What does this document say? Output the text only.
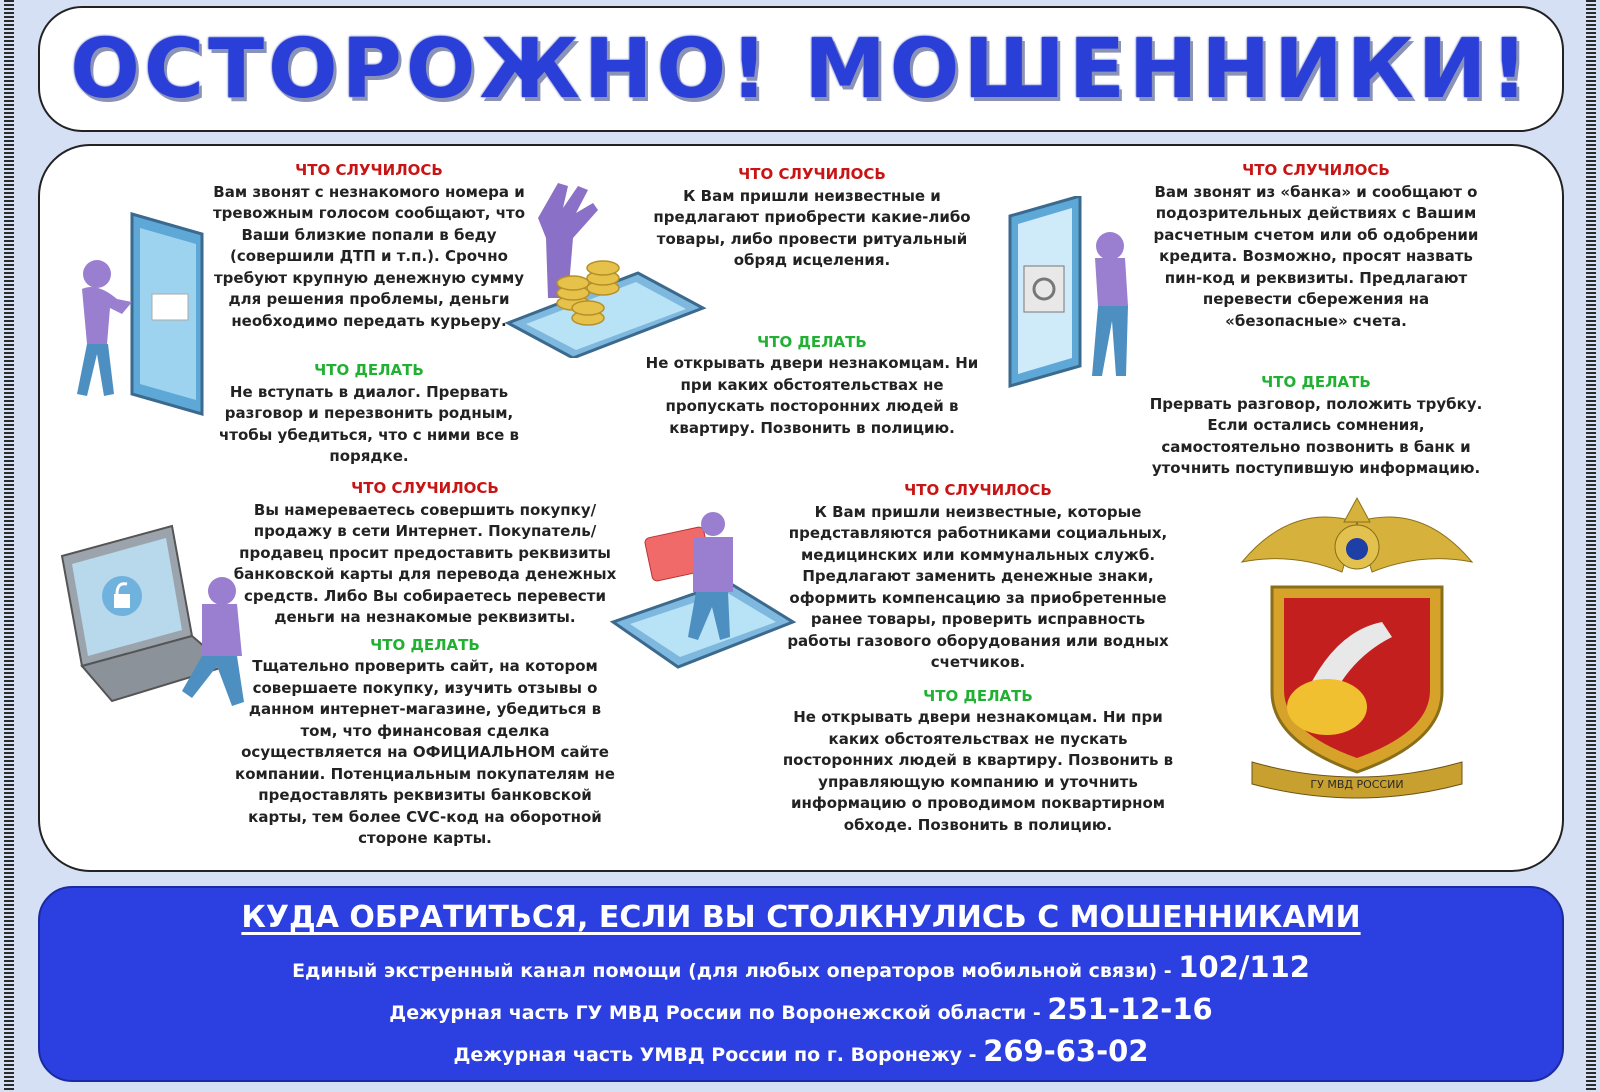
ОСТОРОЖНО! МОШЕННИКИ!
ГУ МВД РОССИИ
ЧТО СЛУЧИЛОСЬ
Вам звонят с незнакомого номера и тревожным голосом сообщают, что Ваши близкие попали в беду (совершили ДТП и т.п.). Срочно требуют крупную денежную сумму для решения проблемы, деньги необходимо передать курьеру.
ЧТО ДЕЛАТЬ
Не вступать в диалог. Прервать разговор и перезвонить родным, чтобы убедиться, что с ними все в порядке.
ЧТО СЛУЧИЛОСЬ
К Вам пришли неизвестные и предлагают приобрести какие-либо товары, либо провести ритуальный обряд исцеления.
ЧТО ДЕЛАТЬ
Не открывать двери незнакомцам. Ни при каких обстоятельствах не пропускать посторонних людей в квартиру. Позвонить в полицию.
ЧТО СЛУЧИЛОСЬ
Вам звонят из «банка» и сообщают о подозрительных действиях с Вашим расчетным счетом или об одобрении кредита. Возможно, просят назвать пин-код и реквизиты. Предлагают перевести сбережения на «безопасные» счета.
ЧТО ДЕЛАТЬ
Прервать разговор, положить трубку. Если остались сомнения, самостоятельно позвонить в банк и уточнить поступившую информацию.
ЧТО СЛУЧИЛОСЬ
Вы намереваетесь совершить покупку/продажу в сети Интернет. Покупатель/продавец просит предоставить реквизиты банковской карты для перевода денежных средств. Либо Вы собираетесь перевести деньги на незнакомые реквизиты.
ЧТО ДЕЛАТЬ
Тщательно проверить сайт, на котором совершаете покупку, изучить отзывы о данном интернет-магазине, убедиться в том, что финансовая сделка осуществляется на ОФИЦИАЛЬНОМ сайте компании. Потенциальным покупателям не предоставлять реквизиты банковской карты, тем более CVC-код на оборотной стороне карты.
ЧТО СЛУЧИЛОСЬ
К Вам пришли неизвестные, которые представляются работниками социальных, медицинских или коммунальных служб. Предлагают заменить денежные знаки, оформить компенсацию за приобретенные ранее товары, проверить исправность работы газового оборудования или водных счетчиков.
ЧТО ДЕЛАТЬ
Не открывать двери незнакомцам. Ни при каких обстоятельствах не пускать посторонних людей в квартиру. Позвонить в управляющую компанию и уточнить информацию о проводимом поквартирном обходе. Позвонить в полицию.
КУДА ОБРАТИТЬСЯ, ЕСЛИ ВЫ СТОЛКНУЛИСЬ С МОШЕННИКАМИ
Единый экстренный канал помощи (для любых операторов мобильной связи) - 102/112
Дежурная часть ГУ МВД России по Воронежской области - 251-12-16
Дежурная часть УМВД России по г. Воронежу - 269-63-02
